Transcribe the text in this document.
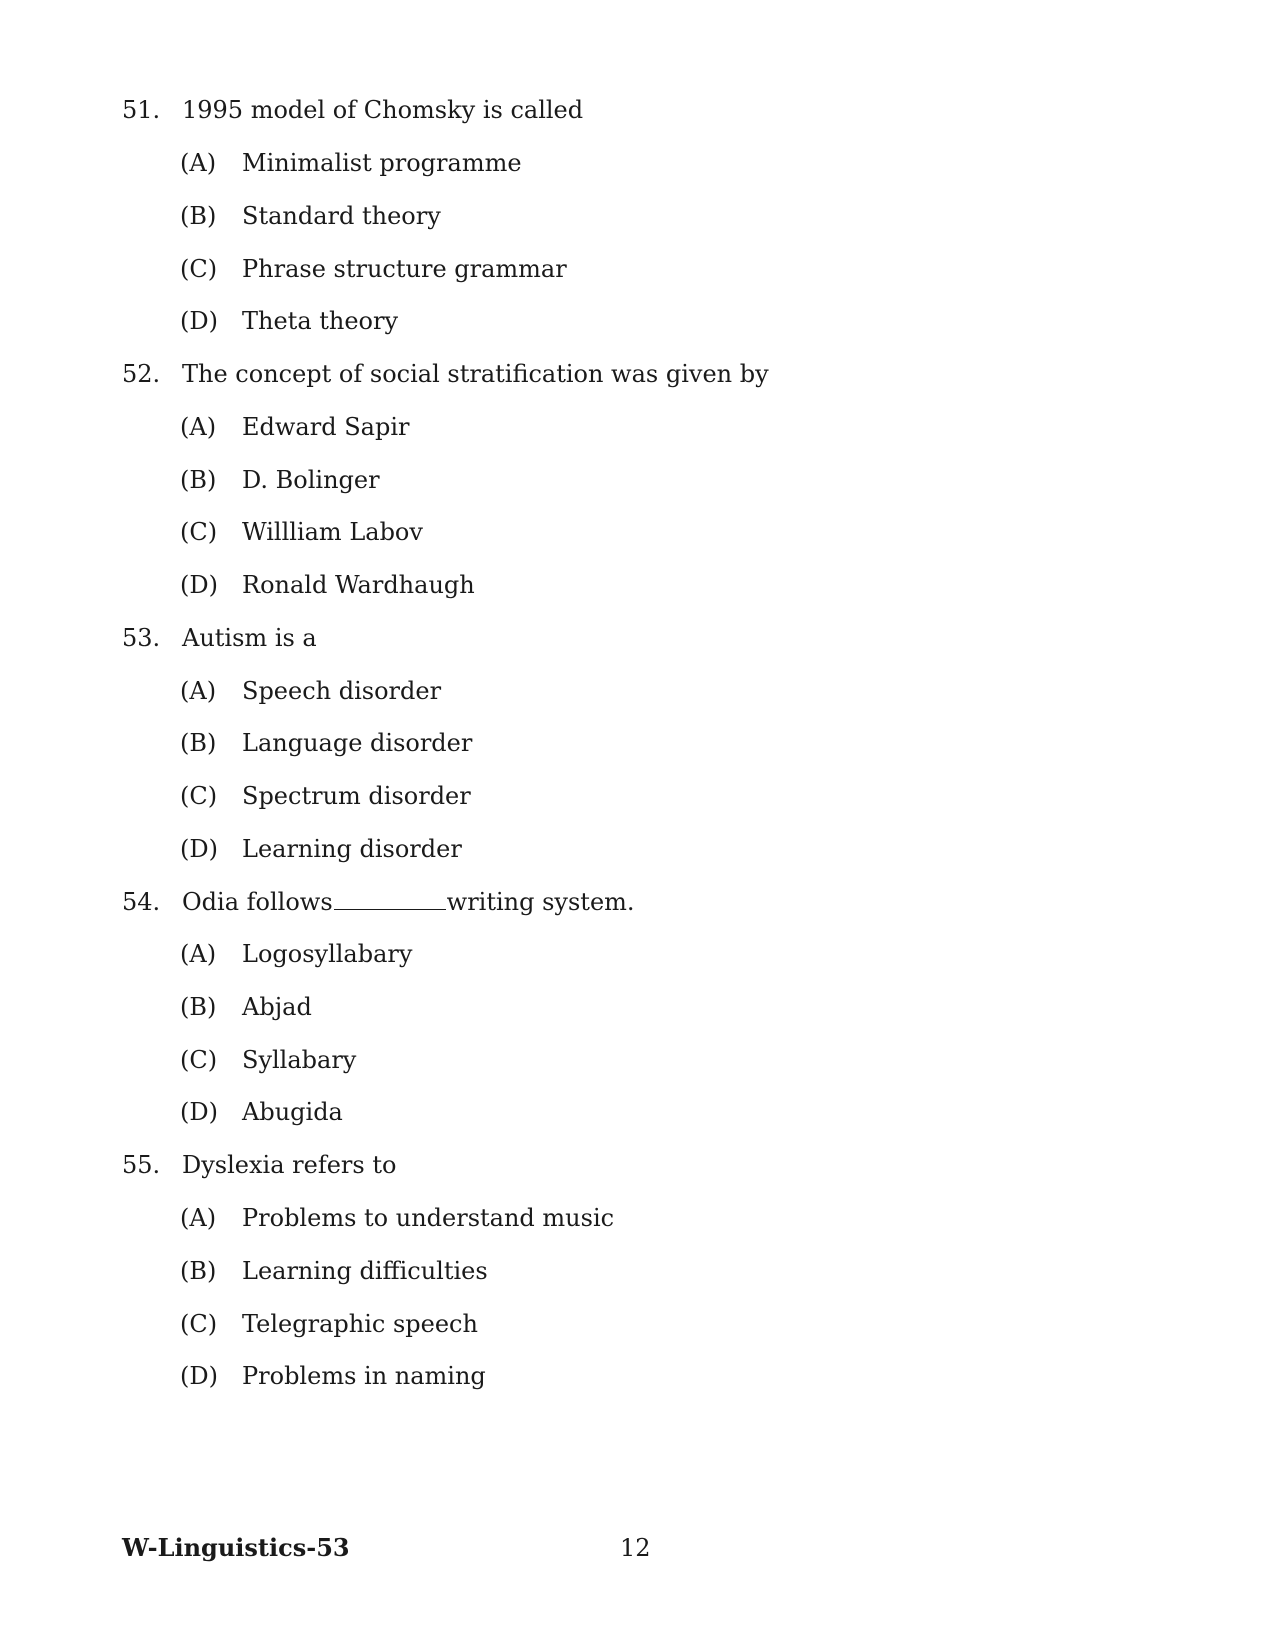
51. 1995 model of Chomsky is called
(A) Minimalist programme
(B) Standard theory
(C) Phrase structure grammar
(D) Theta theory
52. The concept of social stratification was given by
(A) Edward Sapir
(B) D. Bolinger
(C) Willliam Labov
(D) Ronald Wardhaugh
53. Autism is a
(A) Speech disorder
(B) Language disorder
(C) Spectrum disorder
(D) Learning disorder
54. Odia follows	writing system.
(A) Logosyllabary
(B) Abjad
(C) Syllabary
(D) Abugida
55. Dyslexia refers to
(A) Problems to understand music
(B) Learning difficulties
(C) Telegraphic speech
(D) Problems in naming
W-Linguistics-53	12
